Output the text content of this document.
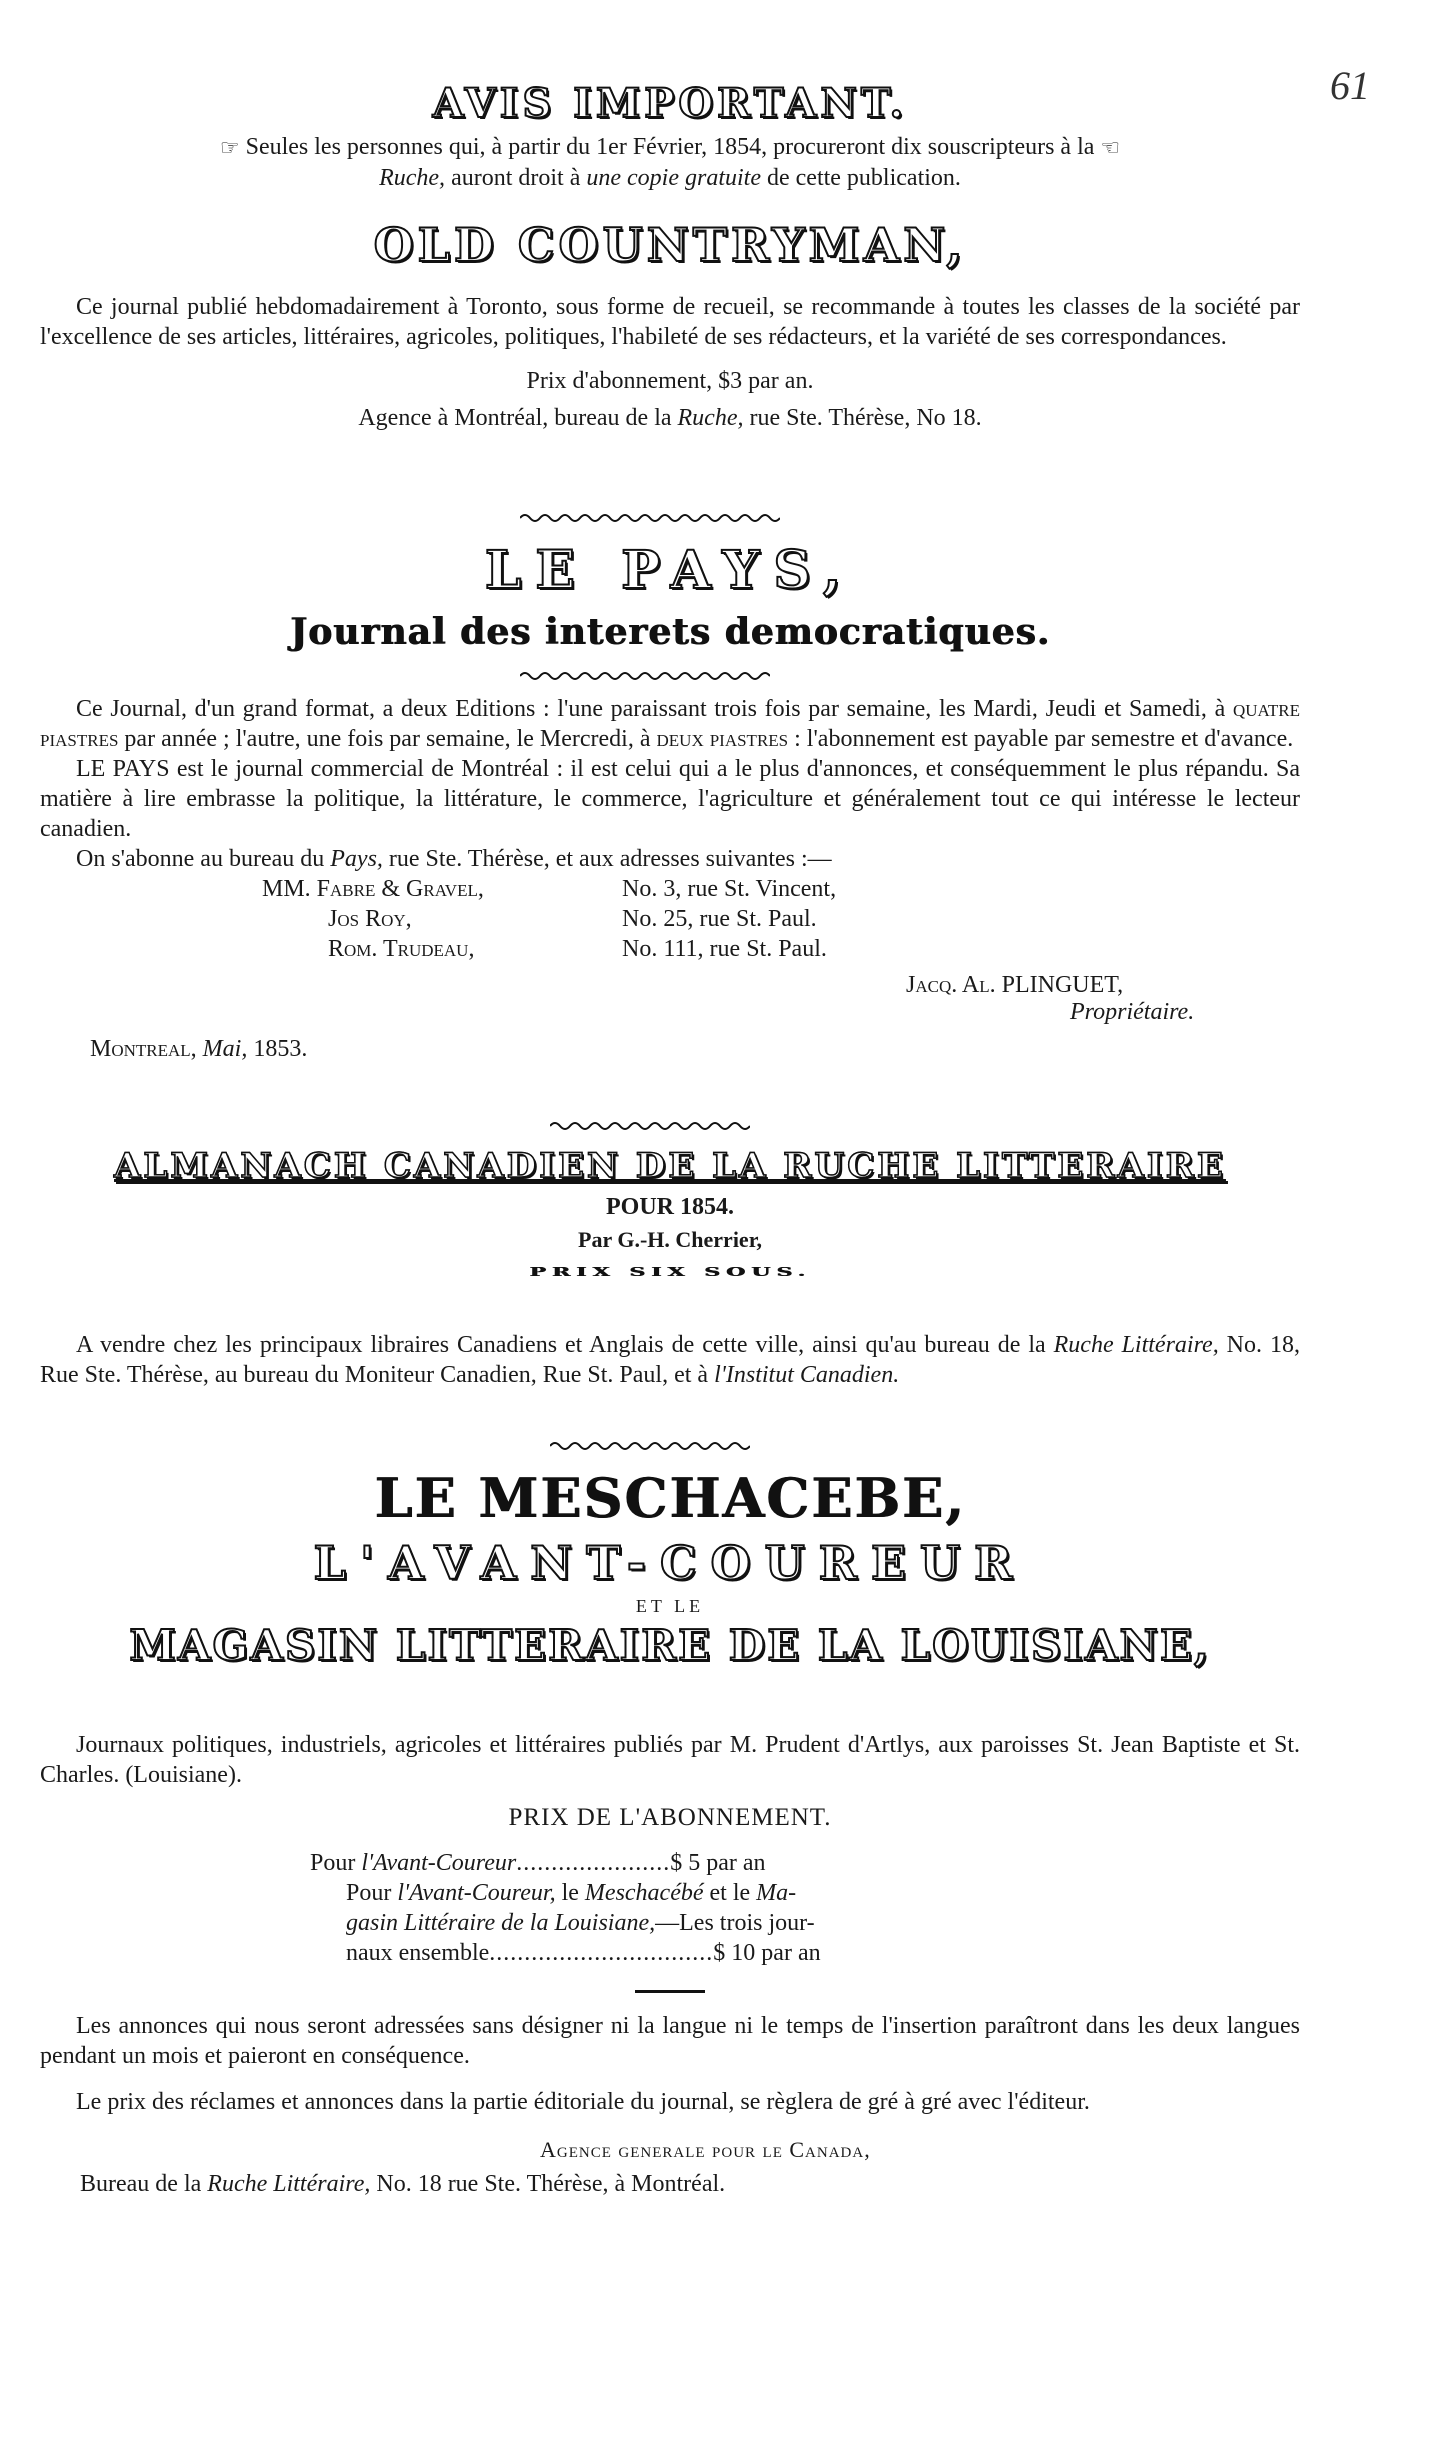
61
AVIS IMPORTANT.

☞ Seules les personnes qui, à partir du 1er Février, 1854, procureront dix souscripteurs à la ☜

Ruche, auront droit à une copie gratuite de cette publication.

OLD COUNTRYMAN,

Ce journal publié hebdomadairement à Toronto, sous forme de recueil, se recommande à toutes les classes de la société par l'excellence de ses articles, littéraires, agricoles, politiques, l'habileté de ses rédacteurs, et la variété de ses correspondances.

Prix d'abonnement, $3 par an.

Agence à Montréal, bureau de la Ruche, rue Ste. Thérèse, No 18.

LE PAYS,
Journal des interets democratiques.

Ce Journal, d'un grand format, a deux Editions : l'une paraissant trois fois par semaine, les Mardi, Jeudi et Samedi, à quatre piastres par année ; l'autre, une fois par semaine, le Mercredi, à deux piastres : l'abonnement est payable par semestre et d'avance.

LE PAYS est le journal commercial de Montréal : il est celui qui a le plus d'annonces, et conséquemment le plus répandu. Sa matière à lire embrasse la politique, la littérature, le commerce, l'agriculture et généralement tout ce qui intéresse le lecteur canadien.

On s'abonne au bureau du Pays, rue Ste. Thérèse, et aux adresses suivantes :—

MM. Fabre & Gravel,	No. 3, rue St. Vincent,
Jos Roy,	No. 25, rue St. Paul.
Rom. Trudeau,	No. 111, rue St. Paul.

Jacq. Al. PLINGUET,

Propriétaire.

Montreal, Mai, 1853.

ALMANACH CANADIEN DE LA RUCHE LITTERAIRE
POUR 1854.
Par G.-H. Cherrier,
PRIX SIX SOUS.

A vendre chez les principaux libraires Canadiens et Anglais de cette ville, ainsi qu'au bureau de la Ruche Littéraire, No. 18, Rue Ste. Thérèse, au bureau du Moniteur Canadien, Rue St. Paul, et à l'Institut Canadien.

LE MESCHACEBE,
L'AVANT-COUREUR
ET LE
MAGASIN LITTERAIRE DE LA LOUISIANE,

Journaux politiques, industriels, agricoles et littéraires publiés par M. Prudent d'Artlys, aux paroisses St. Jean Baptiste et St. Charles. (Louisiane).

PRIX DE L'ABONNEMENT.

Pour l'Avant-Coureur......................$ 5 par an

Pour l'Avant-Coureur, le Meschacébé et le Ma-

gasin Littéraire de la Louisiane,—Les trois jour-

naux ensemble................................$ 10 par an

Les annonces qui nous seront adressées sans désigner ni la langue ni le temps de l'insertion paraîtront dans les deux langues pendant un mois et paieront en conséquence.

Le prix des réclames et annonces dans la partie éditoriale du journal, se règlera de gré à gré avec l'éditeur.

Agence generale pour le Canada,

Bureau de la Ruche Littéraire, No. 18 rue Ste. Thérèse, à Montréal.
